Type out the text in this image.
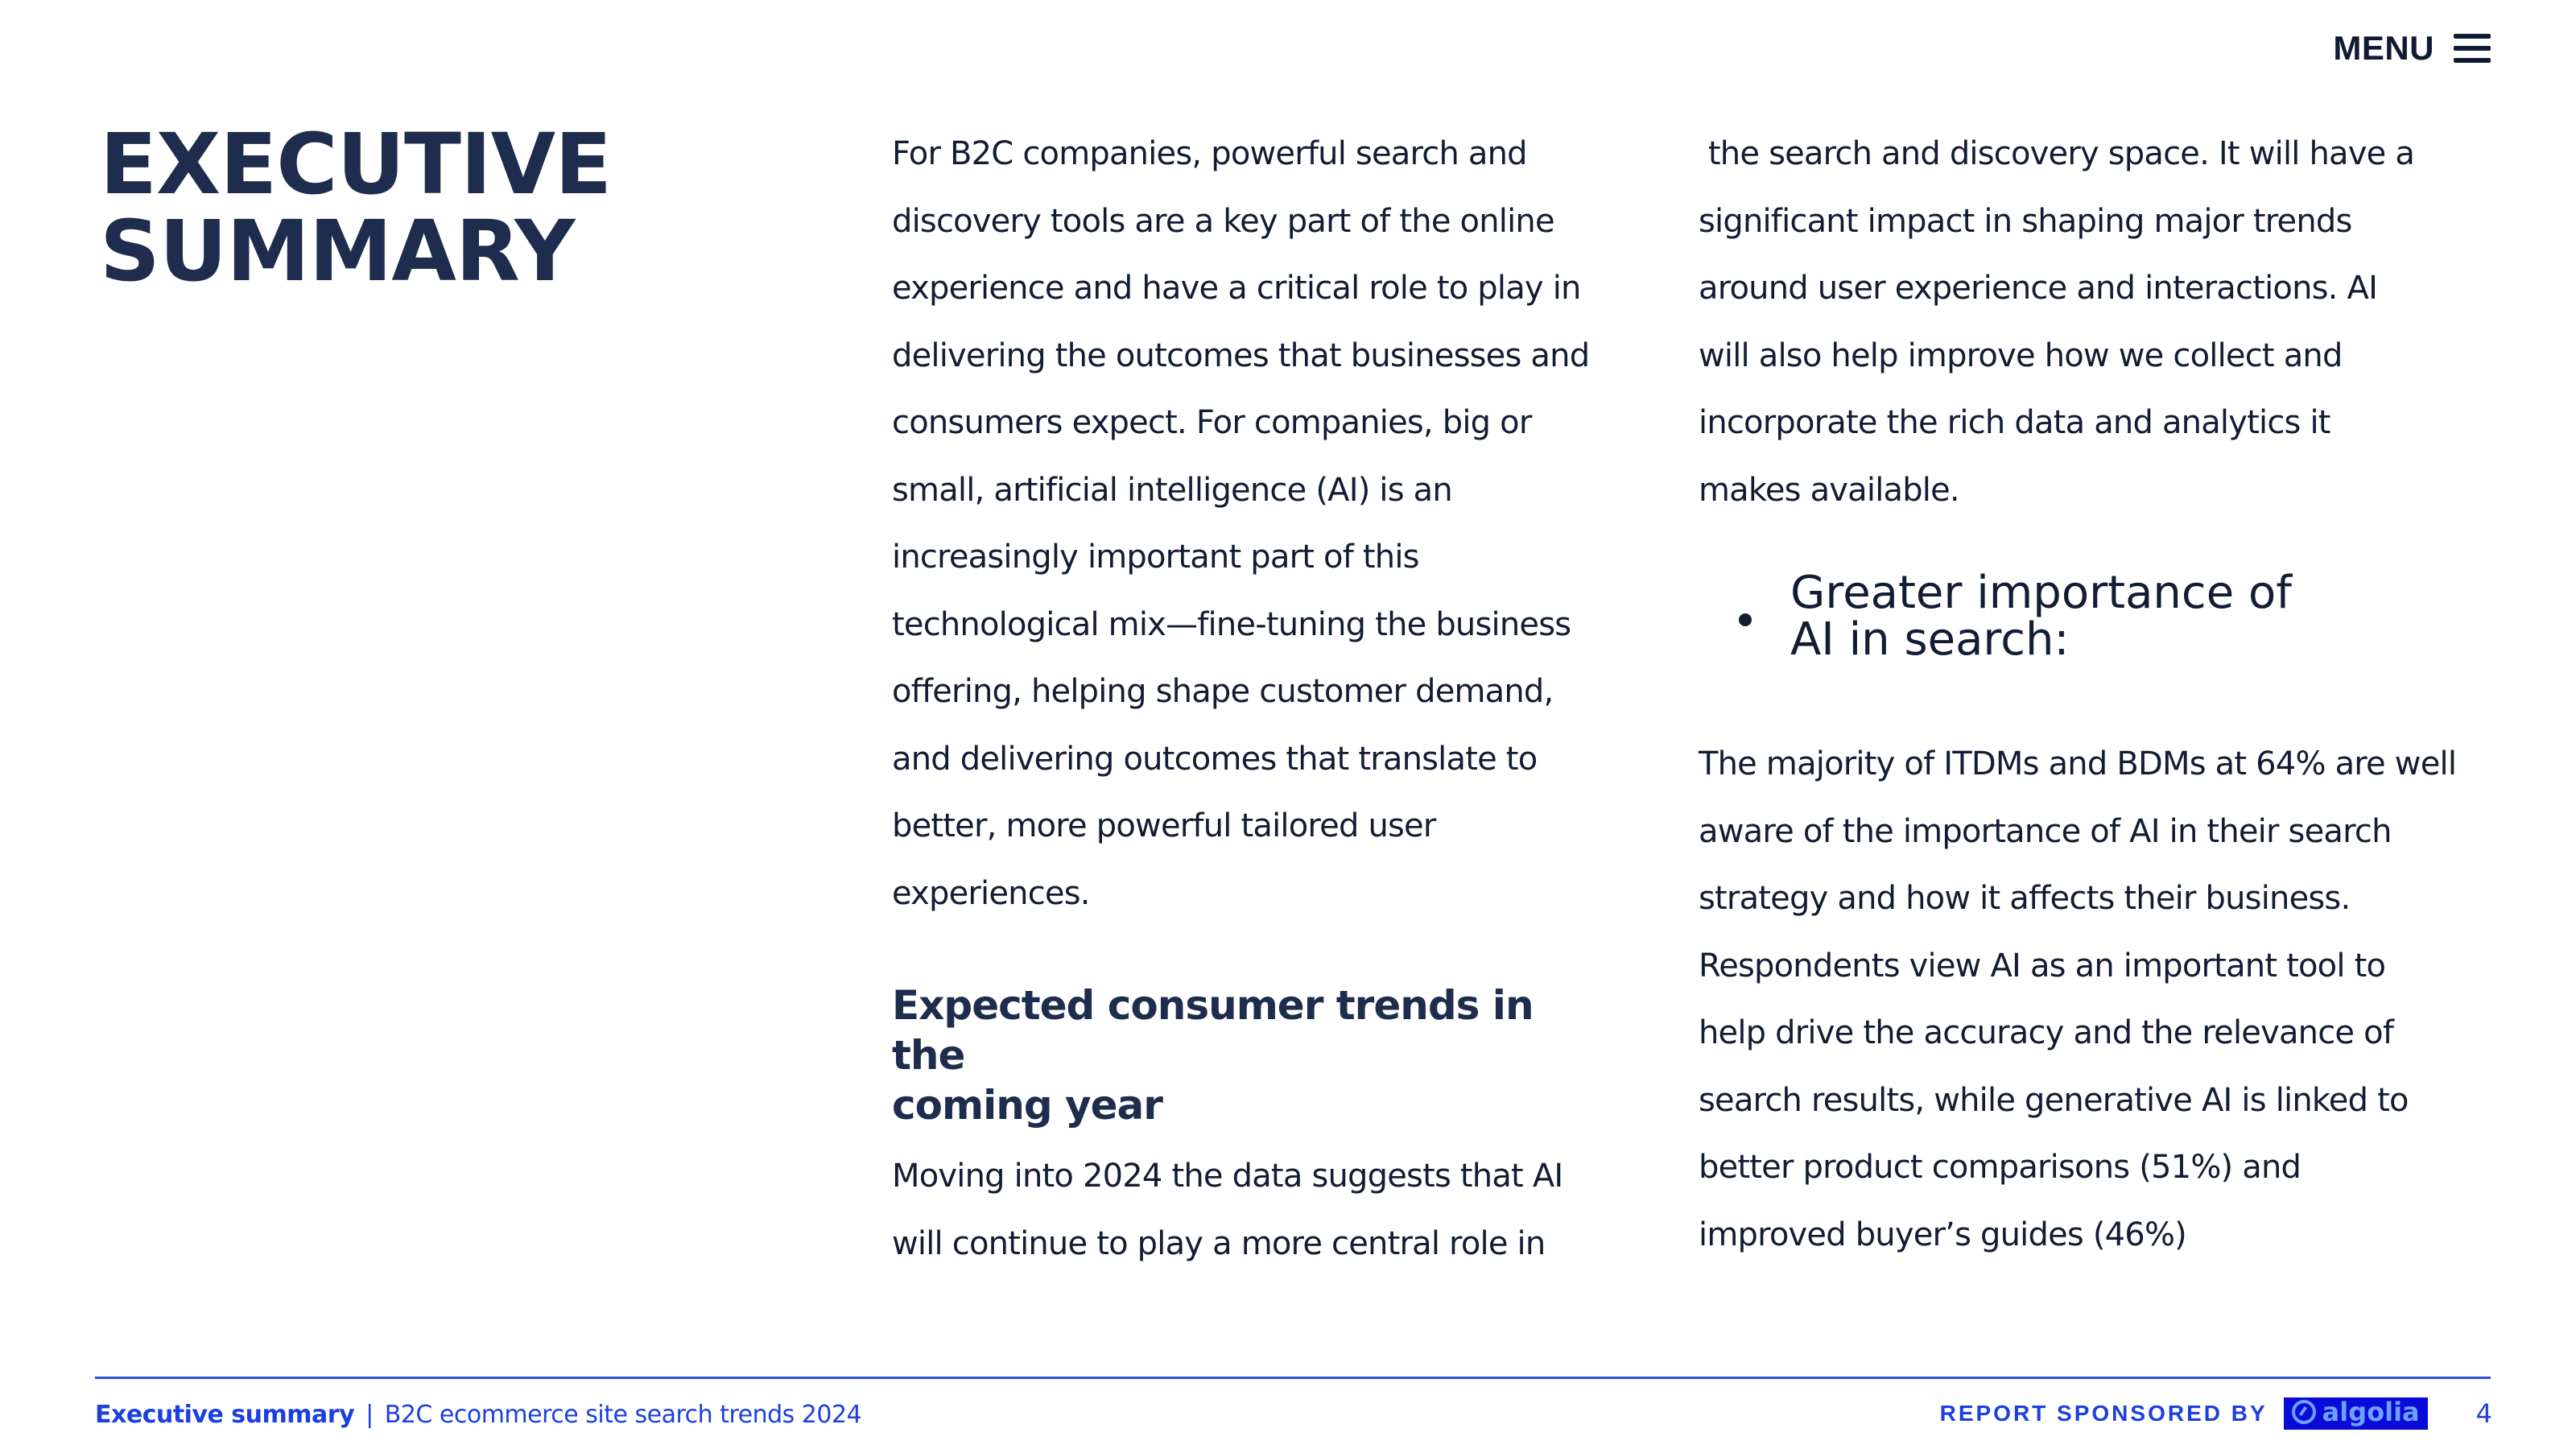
MENU
EXECUTIVE
SUMMARY

For B2C companies, powerful search and

discovery tools are a key part of the online

experience and have a critical role to play in

delivering the outcomes that businesses and

consumers expect. For companies, big or

small, artificial intelligence (AI) is an

increasingly important part of this

technological mix—fine-tuning the business

offering, helping shape customer demand,

and delivering outcomes that translate to

better, more powerful tailored user

experiences.

Expected consumer trends in the
coming year

Moving into 2024 the data suggests that AI

will continue to play a more central role in

the search and discovery space. It will have a

significant impact in shaping major trends

around user experience and interactions. AI

will also help improve how we collect and

incorporate the rich data and analytics it

makes available.

Greater importance of
AI in search:

The majority of ITDMs and BDMs at 64% are well

aware of the importance of AI in their search

strategy and how it affects their business.

Respondents view AI as an important tool to

help drive the accuracy and the relevance of

search results, while generative AI is linked to

better product comparisons (51%) and

improved buyer’s guides (46%)

Executive summary | B2C ecommerce site search trends 2024	REPORT SPONSORED BY algolia 4
